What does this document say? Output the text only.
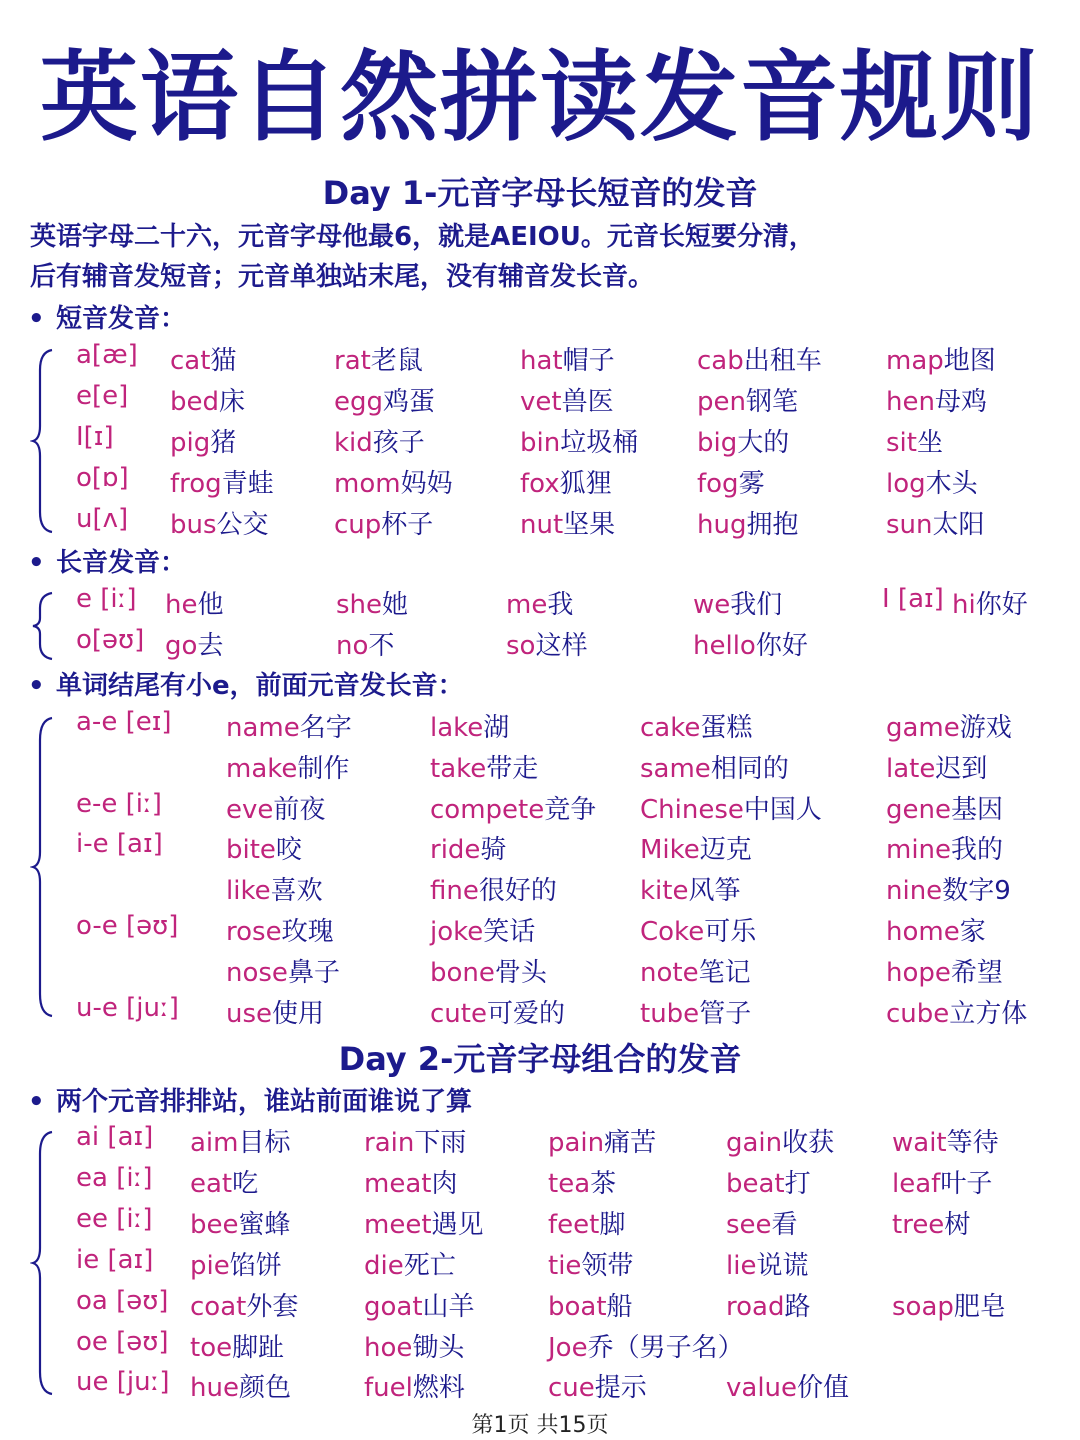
英语自然拼读发音规则
Day 1-元音字母长短音的发音
英语字母二十六，元音字母他最6，就是AEIOU。元音长短要分清，
后有辅音发短音；元音单独站末尾，没有辅音发长音。
• 短音发音：
a[æ] cat猫	rat老鼠	hat帽子	cab出租车 map地图
e[e] bed床	egg鸡蛋	vet兽医	pen钢笔	hen母鸡
I[ɪ] pig猪	kid孩子	bin垃圾桶 big大的	sit坐
o[ɒ] frog青蛙 mom妈妈	fox狐狸	fog雾	log木头
u[ʌ] bus公交	cup杯子	nut坚果	hug拥抱	sun太阳
• 长音发音：
e [iː] he他	she她	me我	we我们	I [aɪ] hi你好
o[əʊ] go去	no不	so这样	hello你好
• 单词结尾有小e，前面元音发长音：
a-e [eɪ] name名字	lake湖	cake蛋糕	game游戏
make制作	take带走	same相同的	late迟到
e-e [iː] eve前夜	compete竞争 Chinese中国人 gene基因
i-e [aɪ] bite咬	ride骑	Mike迈克	mine我的
like喜欢	fine很好的	kite风筝	nine数字9
o-e [əʊ] rose玫瑰	joke笑话	Coke可乐	home家
nose鼻子	bone骨头	note笔记	hope希望
u-e [juː] use使用	cute可爱的	tube管子	cube立方体
Day 2-元音字母组合的发音
• 两个元音排排站，谁站前面谁说了算
ai [aɪ] aim目标	rain下雨	pain痛苦	gain收获 wait等待
ea [iː] eat吃	meat肉	tea茶	beat打	leaf叶子
ee [iː] bee蜜蜂	meet遇见 feet脚	see看	tree树
ie [aɪ] pie馅饼	die死亡	tie领带	lie说谎
oa [əʊ] coat外套	goat山羊	boat船	road路	soap肥皂
oe [əʊ] toe脚趾	hoe锄头	Joe乔（男子名）
ue [juː] hue颜色	fuel燃料	cue提示	value价值
第1页 共15页
